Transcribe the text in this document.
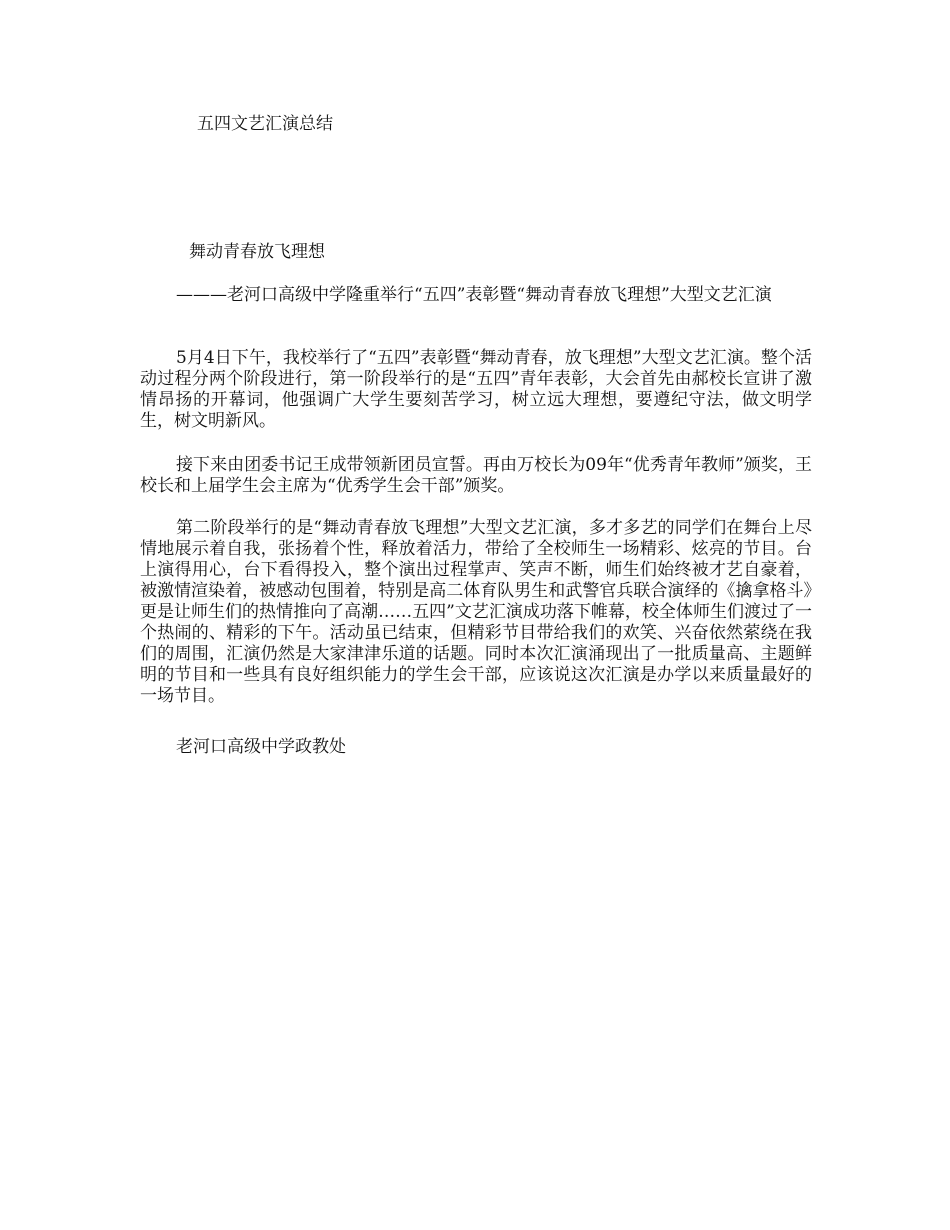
五四文艺汇演总结
舞动青春放飞理想
———老河口高级中学隆重举行“五四”表彰暨“舞动青春放飞理想”大型文艺汇演
5月4日下午，我校举行了“五四”表彰暨“舞动青春，放飞理想”大型文艺汇演。整个活动过程分两个阶段进行，第一阶段举行的是“五四”青年表彰，大会首先由郝校长宣讲了激情昂扬的开幕词，他强调广大学生要刻苦学习，树立远大理想，要遵纪守法，做文明学生，树文明新风。
接下来由团委书记王成带领新团员宣誓。再由万校长为09年“优秀青年教师”颁奖，王校长和上届学生会主席为“优秀学生会干部”颁奖。
第二阶段举行的是“舞动青春放飞理想”大型文艺汇演，多才多艺的同学们在舞台上尽情地展示着自我，张扬着个性，释放着活力，带给了全校师生一场精彩、炫亮的节目。台上演得用心，台下看得投入，整个演出过程掌声、笑声不断，师生们始终被才艺自豪着，被激情渲染着，被感动包围着，特别是高二体育队男生和武警官兵联合演绎的《擒拿格斗》更是让师生们的热情推向了高潮……五四”文艺汇演成功落下帷幕，校全体师生们渡过了一个热闹的、精彩的下午。活动虽已结束，但精彩节目带给我们的欢笑、兴奋依然萦绕在我们的周围，汇演仍然是大家津津乐道的话题。同时本次汇演涌现出了一批质量高、主题鲜明的节目和一些具有良好组织能力的学生会干部，应该说这次汇演是办学以来质量最好的一场节目。
老河口高级中学政教处
